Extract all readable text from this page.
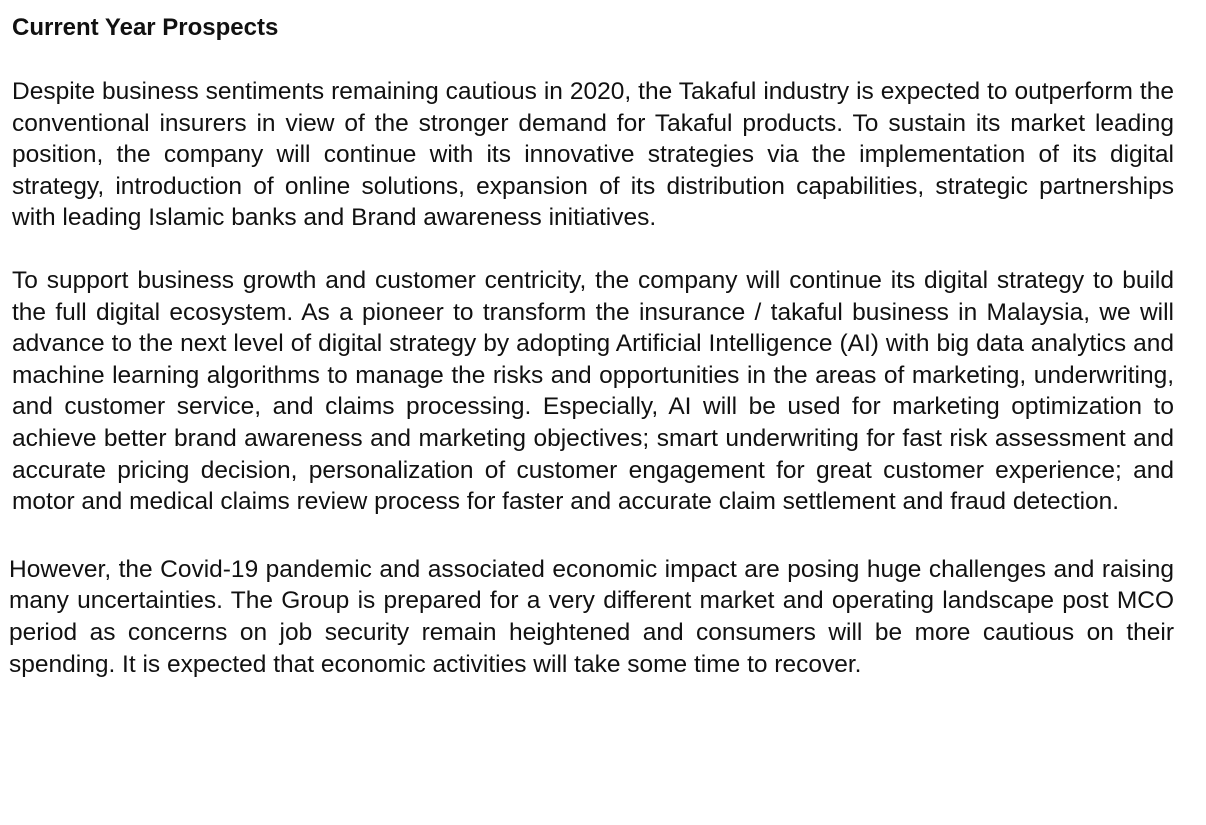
Current Year Prospects

Despite business sentiments remaining cautious in 2020, the Takaful industry is expected to outperform the conventional insurers in view of the stronger demand for Takaful products. To sustain its market leading position, the company will continue with its innovative strategies via the implementation of its digital strategy, introduction of online solutions, expansion of its distribution capabilities, strategic partnerships with leading Islamic banks and Brand awareness initiatives.

To support business growth and customer centricity, the company will continue its digital strategy to build the full digital ecosystem. As a pioneer to transform the insurance / takaful business in Malaysia, we will advance to the next level of digital strategy by adopting Artificial Intelligence (AI) with big data analytics and machine learning algorithms to manage the risks and opportunities in the areas of marketing, underwriting, and customer service, and claims processing. Especially, AI will be used for marketing optimization to achieve better brand awareness and marketing objectives; smart underwriting for fast risk assessment and accurate pricing decision, personalization of customer engagement for great customer experience; and motor and medical claims review process for faster and accurate claim settlement and fraud detection.

However, the Covid-19 pandemic and associated economic impact are posing huge challenges and raising many uncertainties. The Group is prepared for a very different market and operating landscape post MCO period as concerns on job security remain heightened and consumers will be more cautious on their spending. It is expected that economic activities will take some time to recover.
